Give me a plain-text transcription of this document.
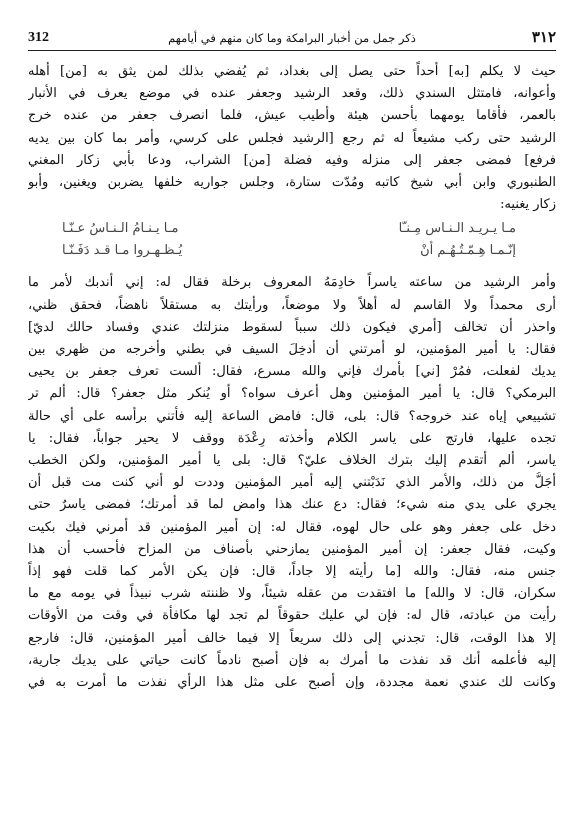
312	ذكر جمل من أخبار البرامكة وما كان منهم في أيامهم	٣١٢
حيث لا يكلم [به] أحداً حتى يصل إلى بغداد، ثم يُفضي بذلك لمن يثق به [من] أهله
وأعوانه، فامتثل السندي ذلك، وقعد الرشيد وجعفر عنده في موضع يعرف في الأنبار
بالعمر، فأقاما يومهما بأحسن هيئة وأطيب عيش، فلما انصرف جعفر من عنده خرج
الرشيد حتى ركب مشيعاً له ثم رجع [الرشيد فجلس على كرسي، وأمر بما كان بين يديه
فرفع] فمضى جعفر إلى منزله وفيه فضلة [من] الشراب، ودعا بأبي زكار المغني
الطنبوري وابن أبي شيخ كاتبه ومُدّت ستارة، وجلس جواريه خلفها يضربن ويغنين، وأبو
زكار يغنيه:
مـا يـريـد الـنـاس مِـنـّا
مـا يـنـامُ الـنـاسُ عـنّـا
إنّـمـا هِـمّـتُـهُـم أنْ
يُـظـهـروا مـا قـد دَفَـنّـا
وأمر الرشيد من ساعته ياسراً خادِمَهُ المعروف برخلة فقال له: إني أندبك لأمر ما
أرى محمداً ولا القاسم له أهلاً ولا موضعاً، ورأيتك به مستقلاً ناهضاً، فحقق ظني،
واحذر أن تخالف [أمري فيكون ذلك سبباً لسقوط منزلتك عندي وفساد حالك لديّ]
فقال: يا أمير المؤمنين، لو أمرتني أن أدخِلَ السيف في بطني وأخرجه من ظهري بين
يديك لفعلت، فمُرْ [ني] بأمرك فإني والله مسرع، فقال: ألست تعرف جعفر بن يحيى
البرمكي؟ قال: يا أمير المؤمنين وهل أعرف سواه؟ أو يُنكر مثل جعفر؟ قال: ألم تر
تشييعي إياه عند خروجه؟ قال: بلى، قال: فامض الساعة إليه فأتني برأسه على أي حالة
تجده عليها، فارتج على ياسر الكلام وأخذته رِعْدَة ووقف لا يحير جواباً، فقال: يا
ياسر، ألم أتقدم إليك بترك الخلاف عليّ؟ قال: بلى يا أمير المؤمنين، ولكن الخطب
أجَلُّ من ذلك، والأمر الذي نَدَبْتني إليه أمير المؤمنين وددت لو أني كنت مت قبل أن
يجري على يدي منه شيء؛ فقال: دع عنك هذا وامض لما قد أمرتك؛ فمضى ياسرٌ حتى
دخل على جعفر وهو على حال لهوه، فقال له: إن أمير المؤمنين قد أمرني فيك بكيت
وكيت، فقال جعفر: إن أمير المؤمنين يمازحني بأصناف من المزاح فأحسب أن هذا
جنس منه، فقال: والله [ما رأيته إلا جاداً، قال: فإن يكن الأمر كما قلت فهو إذاً
سكران، قال: لا والله] ما افتقدت من عقله شيئاً، ولا ظننته شرب نبيذاً في يومه مع ما
رأيت من عبادته، قال له: فإن لي عليك حقوقاً لم تجد لها مكافأة في وقت من الأوقات
إلا هذا الوقت، قال: تجدني إلى ذلك سريعاً إلا فيما خالف أمير المؤمنين، قال: فارجع
إليه فأعلمه أنك قد نفذت ما أمرك به فإن أصبح نادماً كانت حياتي على يديك جارية،
وكانت لك عندي نعمة مجددة، وإن أصبح على مثل هذا الرأي نفذت ما أمرت به في
